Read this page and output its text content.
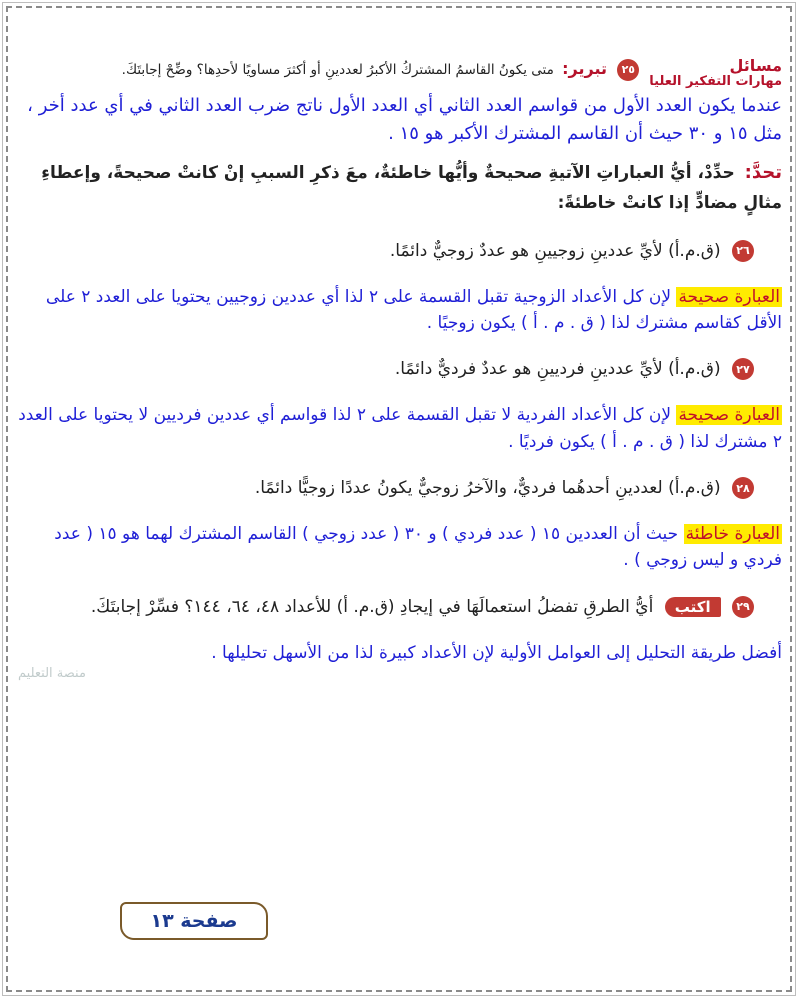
مسائل
مهارات التفكير العليا
٢٥ تبرير: متى يكونُ القاسمُ المشتركُ الأكبرُ لعددينِ أو أكثرَ مساويًا لأحدِها؟ وضِّحْ إجابتَكَ.
عندما يكون العدد الأول من قواسم العدد الثاني أي العدد الأول ناتج ضرب العدد الثاني في أي عدد أخر ، مثل ١٥ و ٣٠ حيث أن القاسم المشترك الأكبر هو ١٥ .
تحدَّ: حدِّدْ، أيُّ العباراتِ الآتيةِ صحيحةٌ وأيُّها خاطئةٌ، معَ ذكرِ السببِ إنْ كانتْ صحيحةً، وإعطاءِ مثالٍ مضادٍّ إذا كانتْ خاطئةً:
٢٦ (ق.م.أ) لأيِّ عددينِ زوجيينِ هو عددٌ زوجيٌّ دائمًا.
العبارة صحيحة لإن كل الأعداد الزوجية تقبل القسمة على ٢ لذا أي عددين زوجيين يحتويا على العدد ٢ على الأقل كقاسم مشترك لذا ( ق . م . أ ) يكون زوجيًا .
٢٧ (ق.م.أ) لأيِّ عددينِ فرديينِ هو عددٌ فرديٌّ دائمًا.
العبارة صحيحة لإن كل الأعداد الفردية لا تقبل القسمة على ٢ لذا قواسم أي عددين فرديين لا يحتويا على العدد ٢ مشترك لذا ( ق . م . أ ) يكون فرديًا .
٢٨ (ق.م.أ) لعددينِ أحدهُما فرديٌّ، والآخرُ زوجيٌّ يكونُ عددًا زوجيًّا دائمًا.
العبارة خاطئة حيث أن العددين ١٥ ( عدد فردي ) و ٣٠ ( عدد زوجي ) القاسم المشترك لهما هو ١٥ ( عدد فردي و ليس زوجي ) .
٢٩ اكتب أيُّ الطرقِ تفضلُ استعمالَهَا في إيجادِ (ق.م. أ) للأعداد ٤٨، ٦٤، ١٤٤؟ فسِّرْ إجابتَكَ.
أفضل طريقة التحليل إلى العوامل الأولية لإن الأعداد كبيرة لذا من الأسهل تحليلها .
منصة التعليم
صفحة ١٣
